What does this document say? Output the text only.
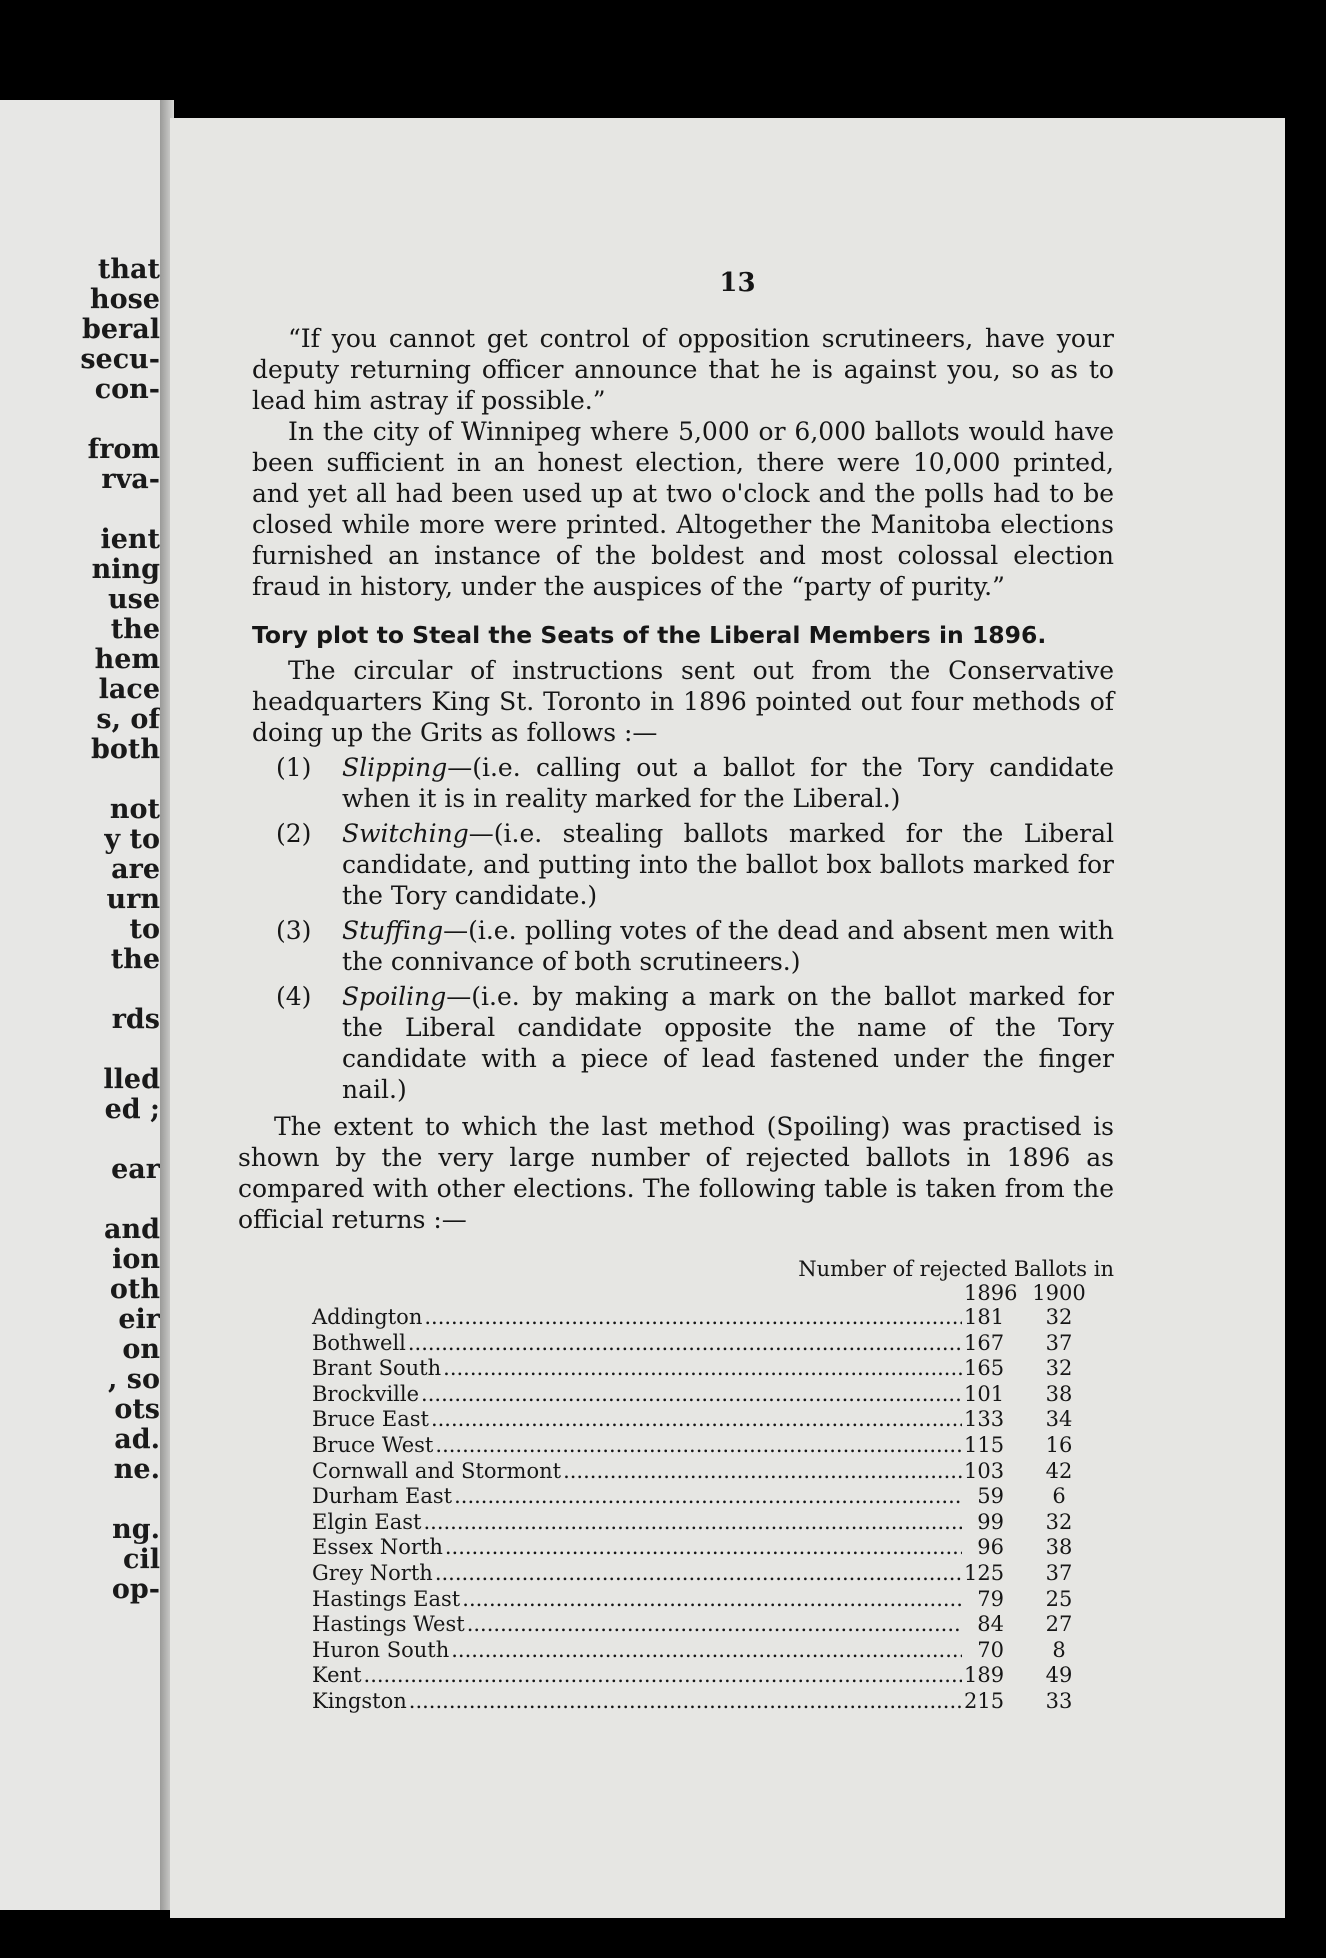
that
hose
beral
secu-
con-
from
rva-
ient
ning
use
the
hem
lace
s, of
both
not
y to
are
urn
to
the
rds
lled
ed ;
ear
and
ion
oth
eir
on
, so
ots
ad.
ne.
ng.
cil
op-
13

“If you cannot get control of opposition scrutineers, have your deputy returning officer announce that he is against you, so as to lead him astray if possible.”

In the city of Winnipeg where 5,000 or 6,000 ballots would have been sufficient in an honest election, there were 10,000 printed, and yet all had been used up at two o'clock and the polls had to be closed while more were printed. Altogether the Manitoba elections furnished an instance of the boldest and most colossal election fraud in history, under the auspices of the “party of purity.”

Tory plot to Steal the Seats of the Liberal Members in 1896.

The circular of instructions sent out from the Conservative headquarters King St. Toronto in 1896 pointed out four methods of doing up the Grits as follows :—

(1)	Slipping—(i.e. calling out a ballot for the Tory candidate when it is in reality marked for the Liberal.)
(2)	Switching—(i.e. stealing ballots marked for the Liberal candidate, and putting into the ballot box ballots marked for the Tory candidate.)
(3)	Stuffing—(i.e. polling votes of the dead and absent men with the connivance of both scrutineers.)
(4)	Spoiling—(i.e. by making a mark on the ballot marked for the Liberal candidate opposite the name of the Tory candidate with a piece of lead fastened under the finger nail.)

The extent to which the last method (Spoiling) was practised is shown by the very large number of rejected ballots in 1896 as compared with other elections. The following table is taken from the official returns :—

Number of rejected Ballots in
1896 1900
Addington .....	181	32
Bothwell .....	167	37
Brant South .....	165	32
Brockville .....	101	38
Bruce East .....	133	34
Bruce West .....	115	16
Cornwall and Stormont .....	103	42
Durham East .....	59	6
Elgin East .....	99	32
Essex North .....	96	38
Grey North .....	125	37
Hastings East .....	79	25
Hastings West .....	84	27
Huron South .....	70	8
Kent .....	189	49
Kingston .....	215	33
